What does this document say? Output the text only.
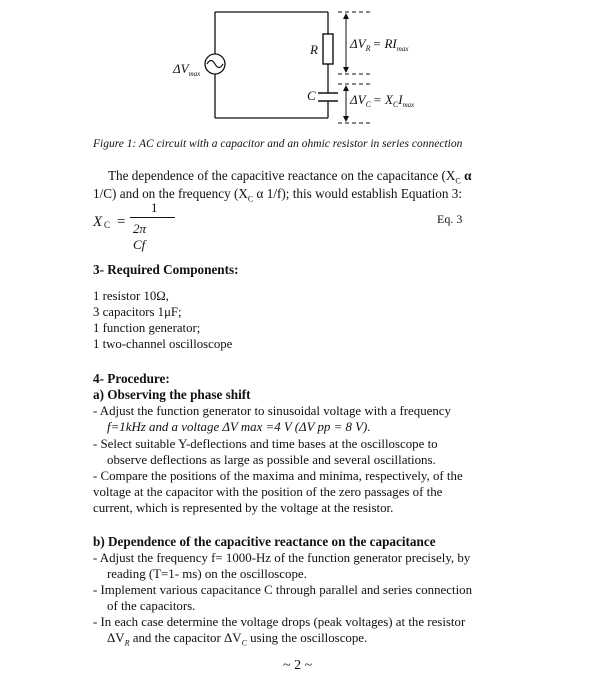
$\Delta V_{max}$
R
C
$\Delta V_R = RI_{max}$
$\Delta V_C = X_CI_{max}$
Figure 1: AC circuit with a capacitor and an ohmic resistor in series connection
The dependence of the capacitive reactance on the capacitance ($X_C$ α
1/C) and on the frequency ($X_C$ α 1/f); this would establish Equation 3:
X C =
1
2π Cf
Eq. 3
3- Required Components:
1 resistor 10Ω,
3 capacitors 1μF;
1 function generator;
1 two-channel oscilloscope
4- Procedure:
a) Observing the phase shift
- Adjust the function generator to sinusoidal voltage with a frequency
f=1kHz and a voltage ΔV max =4 V (ΔV pp = 8 V).
- Select suitable Y-deflections and time bases at the oscilloscope to
observe deflections as large as possible and several oscillations.
- Compare the positions of the maxima and minima, respectively, of the
voltage at the capacitor with the position of the zero passages of the
current, which is represented by the voltage at the resistor.
b) Dependence of the capacitive reactance on the capacitance
- Adjust the frequency f= 1000-Hz of the function generator precisely, by
reading (T=1- ms) on the oscilloscope.
- Implement various capacitance C through parallel and series connection
of the capacitors.
- In each case determine the voltage drops (peak voltages) at the resistor
$\Delta V_R$ and the capacitor $\Delta V_C$ using the oscilloscope.
~ 2 ~
